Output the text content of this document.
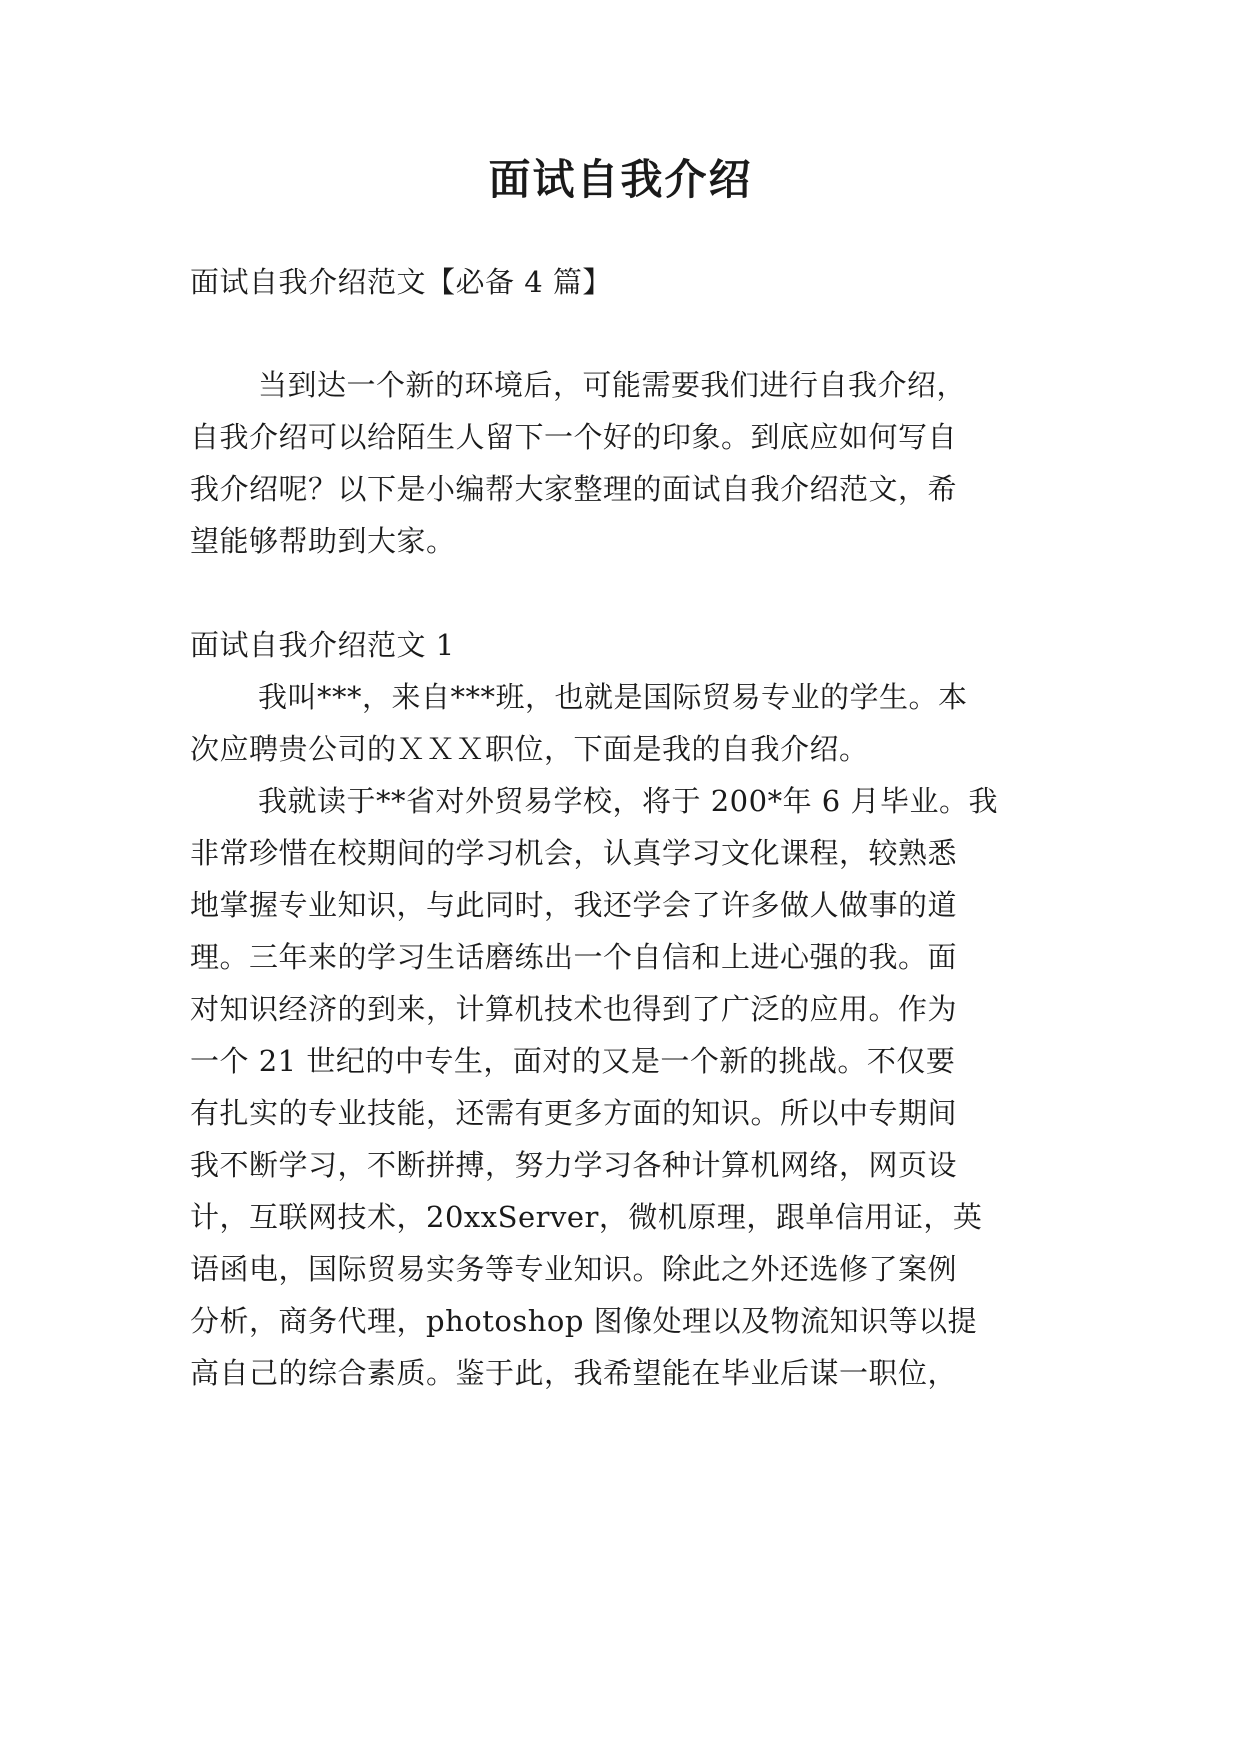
面试自我介绍
面试自我介绍范文【必备 4 篇】
当到达一个新的环境后，可能需要我们进行自我介绍，
自我介绍可以给陌生人留下一个好的印象。到底应如何写自
我介绍呢？以下是小编帮大家整理的面试自我介绍范文，希
望能够帮助到大家。
面试自我介绍范文 1
我叫***，来自***班，也就是国际贸易专业的学生。本
次应聘贵公司的ＸＸＸ职位，下面是我的自我介绍。
我就读于**省对外贸易学校，将于 200*年 6 月毕业。我
非常珍惜在校期间的学习机会，认真学习文化课程，较熟悉
地掌握专业知识，与此同时，我还学会了许多做人做事的道
理。三年来的学习生话磨练出一个自信和上进心强的我。面
对知识经济的到来，计算机技术也得到了广泛的应用。作为
一个 21 世纪的中专生，面对的又是一个新的挑战。不仅要
有扎实的专业技能，还需有更多方面的知识。所以中专期间
我不断学习，不断拼搏，努力学习各种计算机网络，网页设
计，互联网技术，20xxServer，微机原理，跟单信用证，英
语函电，国际贸易实务等专业知识。除此之外还选修了案例
分析，商务代理，photoshop 图像处理以及物流知识等以提
高自己的综合素质。鉴于此，我希望能在毕业后谋一职位，
